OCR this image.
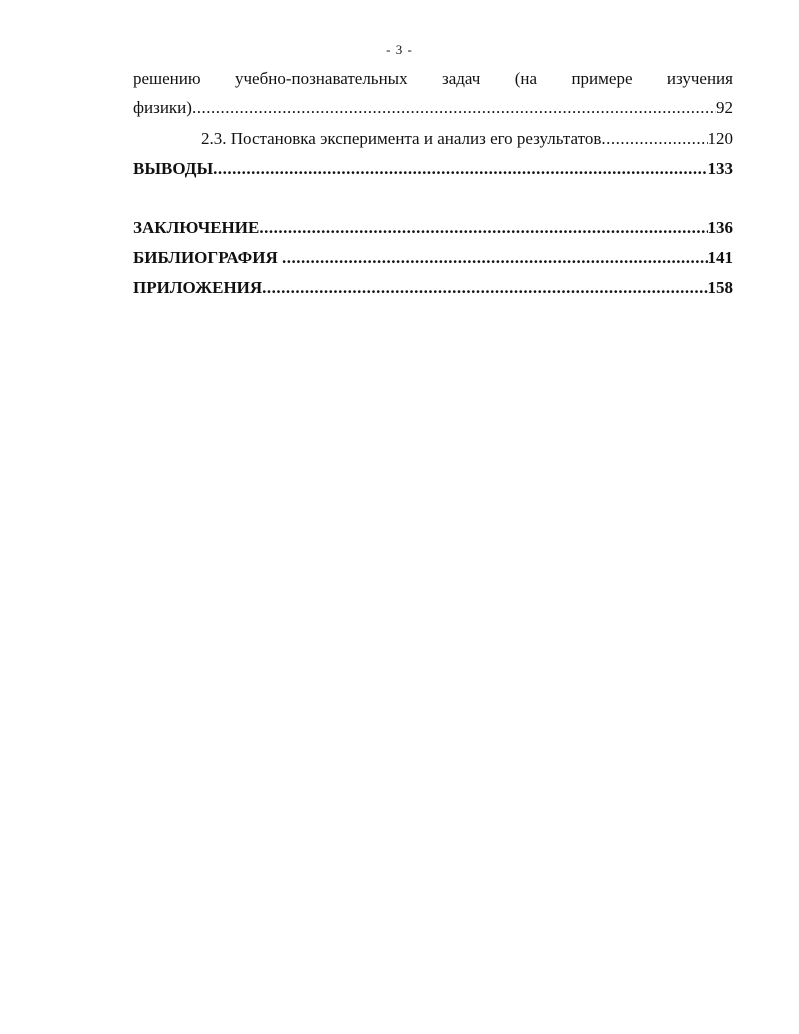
- 3 -
решению учебно-познавательных задач (на примере изучения
физики) .....	92
2.3. Постановка эксперимента и анализ его результатов .....	120
ВЫВОДЫ .....	133
ЗАКЛЮЧЕНИЕ .....	136
БИБЛИОГРАФИЯ .....	141
ПРИЛОЖЕНИЯ .....	158
